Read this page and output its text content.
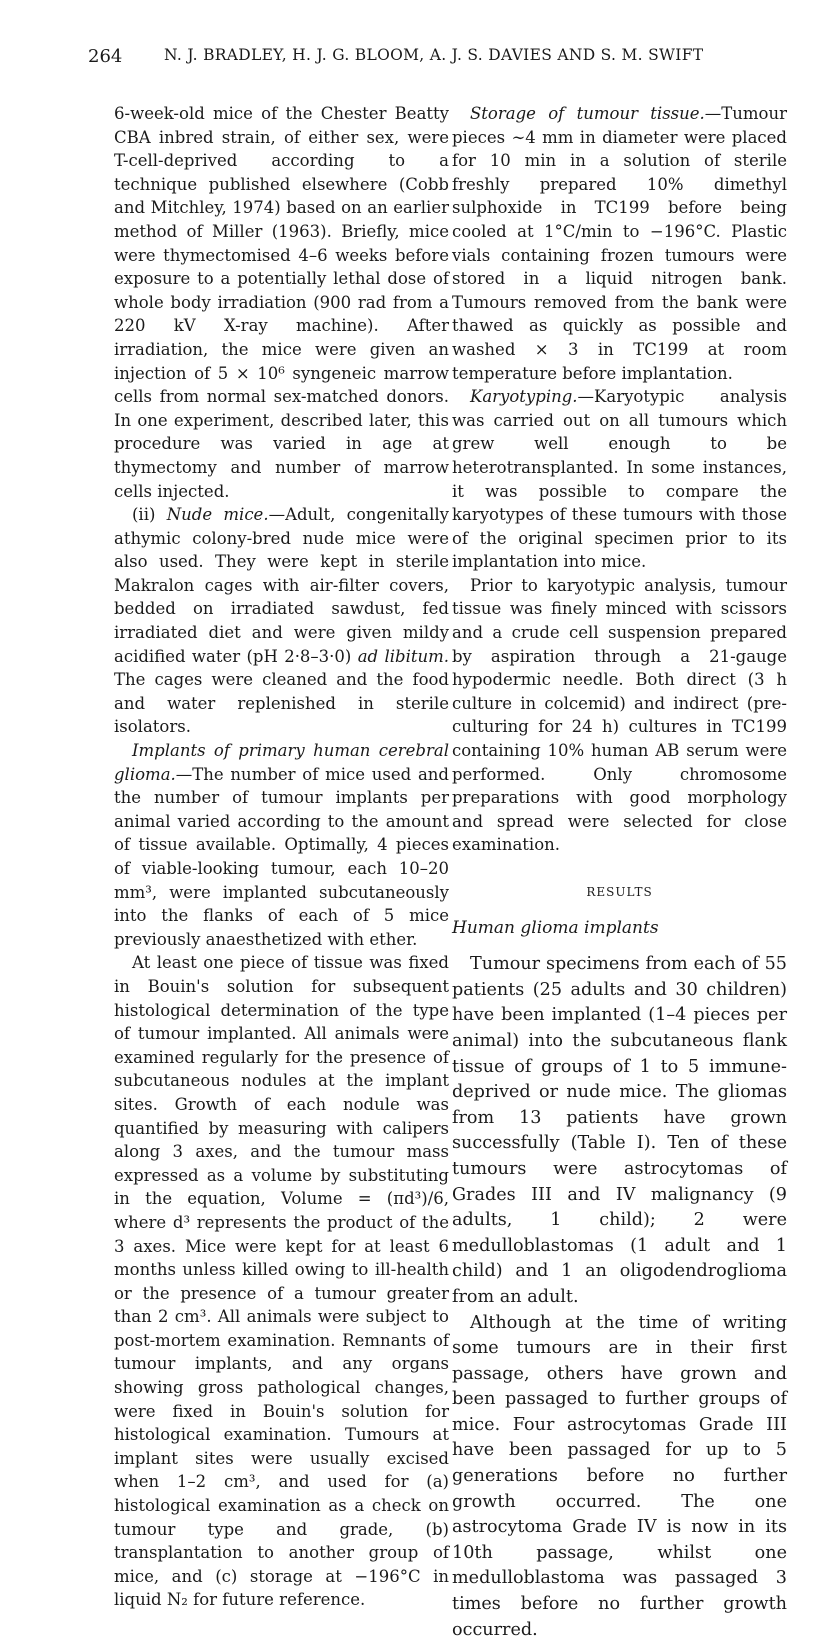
264	N. J. BRADLEY, H. J. G. BLOOM, A. J. S. DAVIES AND S. M. SWIFT

6-week-old mice of the Chester Beatty CBA inbred strain, of either sex, were T-cell-deprived according to a technique published elsewhere (Cobb and Mitchley, 1974) based on an earlier method of Miller (1963). Briefly, mice were thymectomised 4–6 weeks before exposure to a potentially lethal dose of whole body irradiation (900 rad from a 220 kV X-ray machine). After irradiation, the mice were given an injection of 5 × 10⁶ syngeneic marrow cells from normal sex-matched donors. In one experiment, described later, this procedure was varied in age at thymectomy and number of marrow cells injected.

(ii) Nude mice.—Adult, congenitally athymic colony-bred nude mice were also used. They were kept in sterile Makralon cages with air-filter covers, bedded on irradiated sawdust, fed irradiated diet and were given mildy acidified water (pH 2·8–3·0) ad libitum. The cages were cleaned and the food and water replenished in sterile isolators.

Implants of primary human cerebral glioma.—The number of mice used and the number of tumour implants per animal varied according to the amount of tissue available. Optimally, 4 pieces of viable-looking tumour, each 10–20 mm³, were implanted subcutaneously into the flanks of each of 5 mice previously anaesthetized with ether.

At least one piece of tissue was fixed in Bouin's solution for subsequent histological determination of the type of tumour implanted. All animals were examined regularly for the presence of subcutaneous nodules at the implant sites. Growth of each nodule was quantified by measuring with calipers along 3 axes, and the tumour mass expressed as a volume by substituting in the equation, Volume = (πd³)/6, where d³ represents the product of the 3 axes. Mice were kept for at least 6 months unless killed owing to ill-health or the presence of a tumour greater than 2 cm³. All animals were subject to post-mortem examination. Remnants of tumour implants, and any organs showing gross pathological changes, were fixed in Bouin's solution for histological examination. Tumours at implant sites were usually excised when 1–2 cm³, and used for (a) histological examination as a check on tumour type and grade, (b) transplantation to another group of mice, and (c) storage at −196°C in liquid N₂ for future reference.

Storage of tumour tissue.—Tumour pieces ∼4 mm in diameter were placed for 10 min in a solution of sterile freshly prepared 10% dimethyl sulphoxide in TC199 before being cooled at 1°C/min to −196°C. Plastic vials containing frozen tumours were stored in a liquid nitrogen bank. Tumours removed from the bank were thawed as quickly as possible and washed × 3 in TC199 at room temperature before implantation.

Karyotyping.—Karyotypic analysis was carried out on all tumours which grew well enough to be heterotransplanted. In some instances, it was possible to compare the karyotypes of these tumours with those of the original specimen prior to its implantation into mice.

Prior to karyotypic analysis, tumour tissue was finely minced with scissors and a crude cell suspension prepared by aspiration through a 21-gauge hypodermic needle. Both direct (3 h culture in colcemid) and indirect (pre-culturing for 24 h) cultures in TC199 containing 10% human AB serum were performed. Only chromosome preparations with good morphology and spread were selected for close examination.

RESULTS
Human glioma implants

Tumour specimens from each of 55 patients (25 adults and 30 children) have been implanted (1–4 pieces per animal) into the subcutaneous flank tissue of groups of 1 to 5 immune-deprived or nude mice. The gliomas from 13 patients have grown successfully (Table I). Ten of these tumours were astrocytomas of Grades III and IV malignancy (9 adults, 1 child); 2 were medulloblastomas (1 adult and 1 child) and 1 an oligodendroglioma from an adult.

Although at the time of writing some tumours are in their first passage, others have grown and been passaged to further groups of mice. Four astrocytomas Grade III have been passaged for up to 5 generations before no further growth occurred. The one astrocytoma Grade IV is now in its 10th passage, whilst one medulloblastoma was passaged 3 times before no further growth occurred.
